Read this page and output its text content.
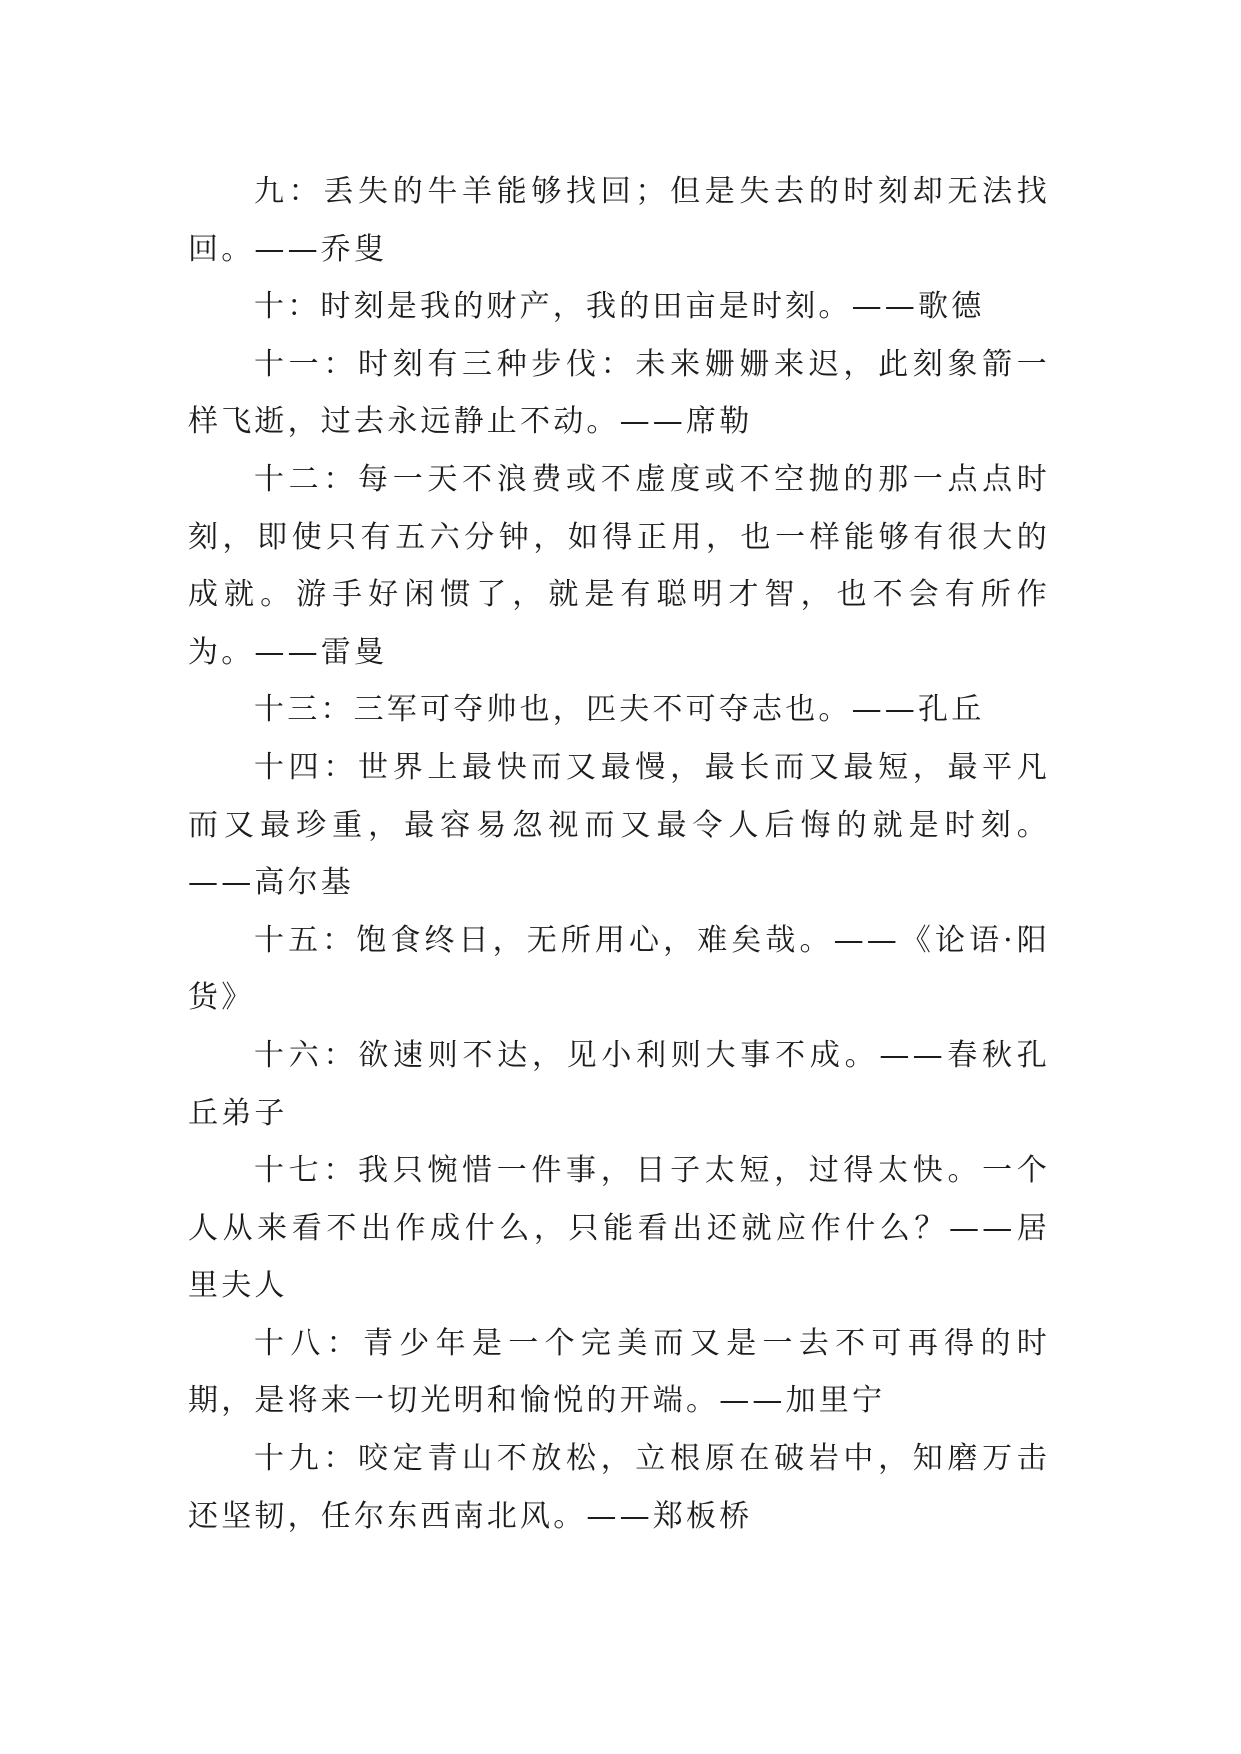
九：丢失的牛羊能够找回；但是失去的时刻却无法找回。——乔叟

十：时刻是我的财产，我的田亩是时刻。——歌德

十一：时刻有三种步伐：未来姗姗来迟，此刻象箭一样飞逝，过去永远静止不动。——席勒

十二：每一天不浪费或不虚度或不空抛的那一点点时刻，即使只有五六分钟，如得正用，也一样能够有很大的成就。游手好闲惯了，就是有聪明才智，也不会有所作为。——雷曼

十三：三军可夺帅也，匹夫不可夺志也。——孔丘

十四：世界上最快而又最慢，最长而又最短，最平凡而又最珍重，最容易忽视而又最令人后悔的就是时刻。——高尔基

十五：饱食终日，无所用心，难矣哉。——《论语·阳货》

十六：欲速则不达，见小利则大事不成。——春秋孔丘弟子

十七：我只惋惜一件事，日子太短，过得太快。一个人从来看不出作成什么，只能看出还就应作什么？——居里夫人

十八：青少年是一个完美而又是一去不可再得的时期，是将来一切光明和愉悦的开端。——加里宁

十九：咬定青山不放松，立根原在破岩中，知磨万击还坚韧，任尔东西南北风。——郑板桥
